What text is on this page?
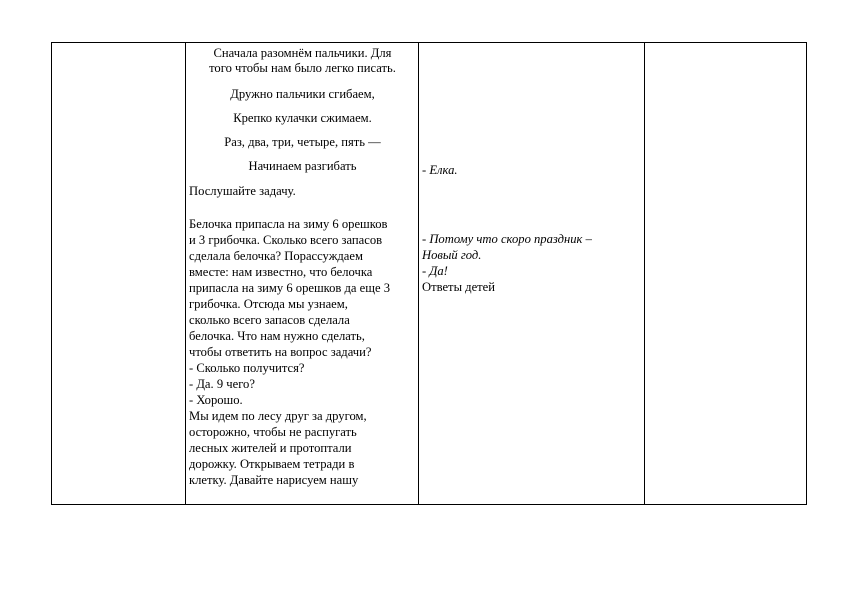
Сначала разомнём пальчики. Для

того чтобы нам было легко писать.

Дружно пальчики сгибаем,

Крепко кулачки сжимаем.

Раз, два, три, четыре, пять —

Начинаем разгибать

Послушайте задачу.

Белочка припасла на зиму 6 орешков

и 3 грибочка. Сколько всего запасов

сделала белочка? Порассуждаем

вместе: нам известно, что белочка

припасла на зиму 6 орешков да еще 3

грибочка. Отсюда мы узнаем,

сколько всего запасов сделала

белочка. Что нам нужно сделать,

чтобы ответить на вопрос задачи?

- Сколько получится?

- Да. 9 чего?

- Хорошо.

Мы идем по лесу друг за другом,

осторожно, чтобы не распугать

лесных жителей и протоптали

дорожку. Открываем тетради в

клетку. Давайте нарисуем нашу

- Елка.

- Потому что скоро праздник –

Новый год.

- Да!

Ответы детей
